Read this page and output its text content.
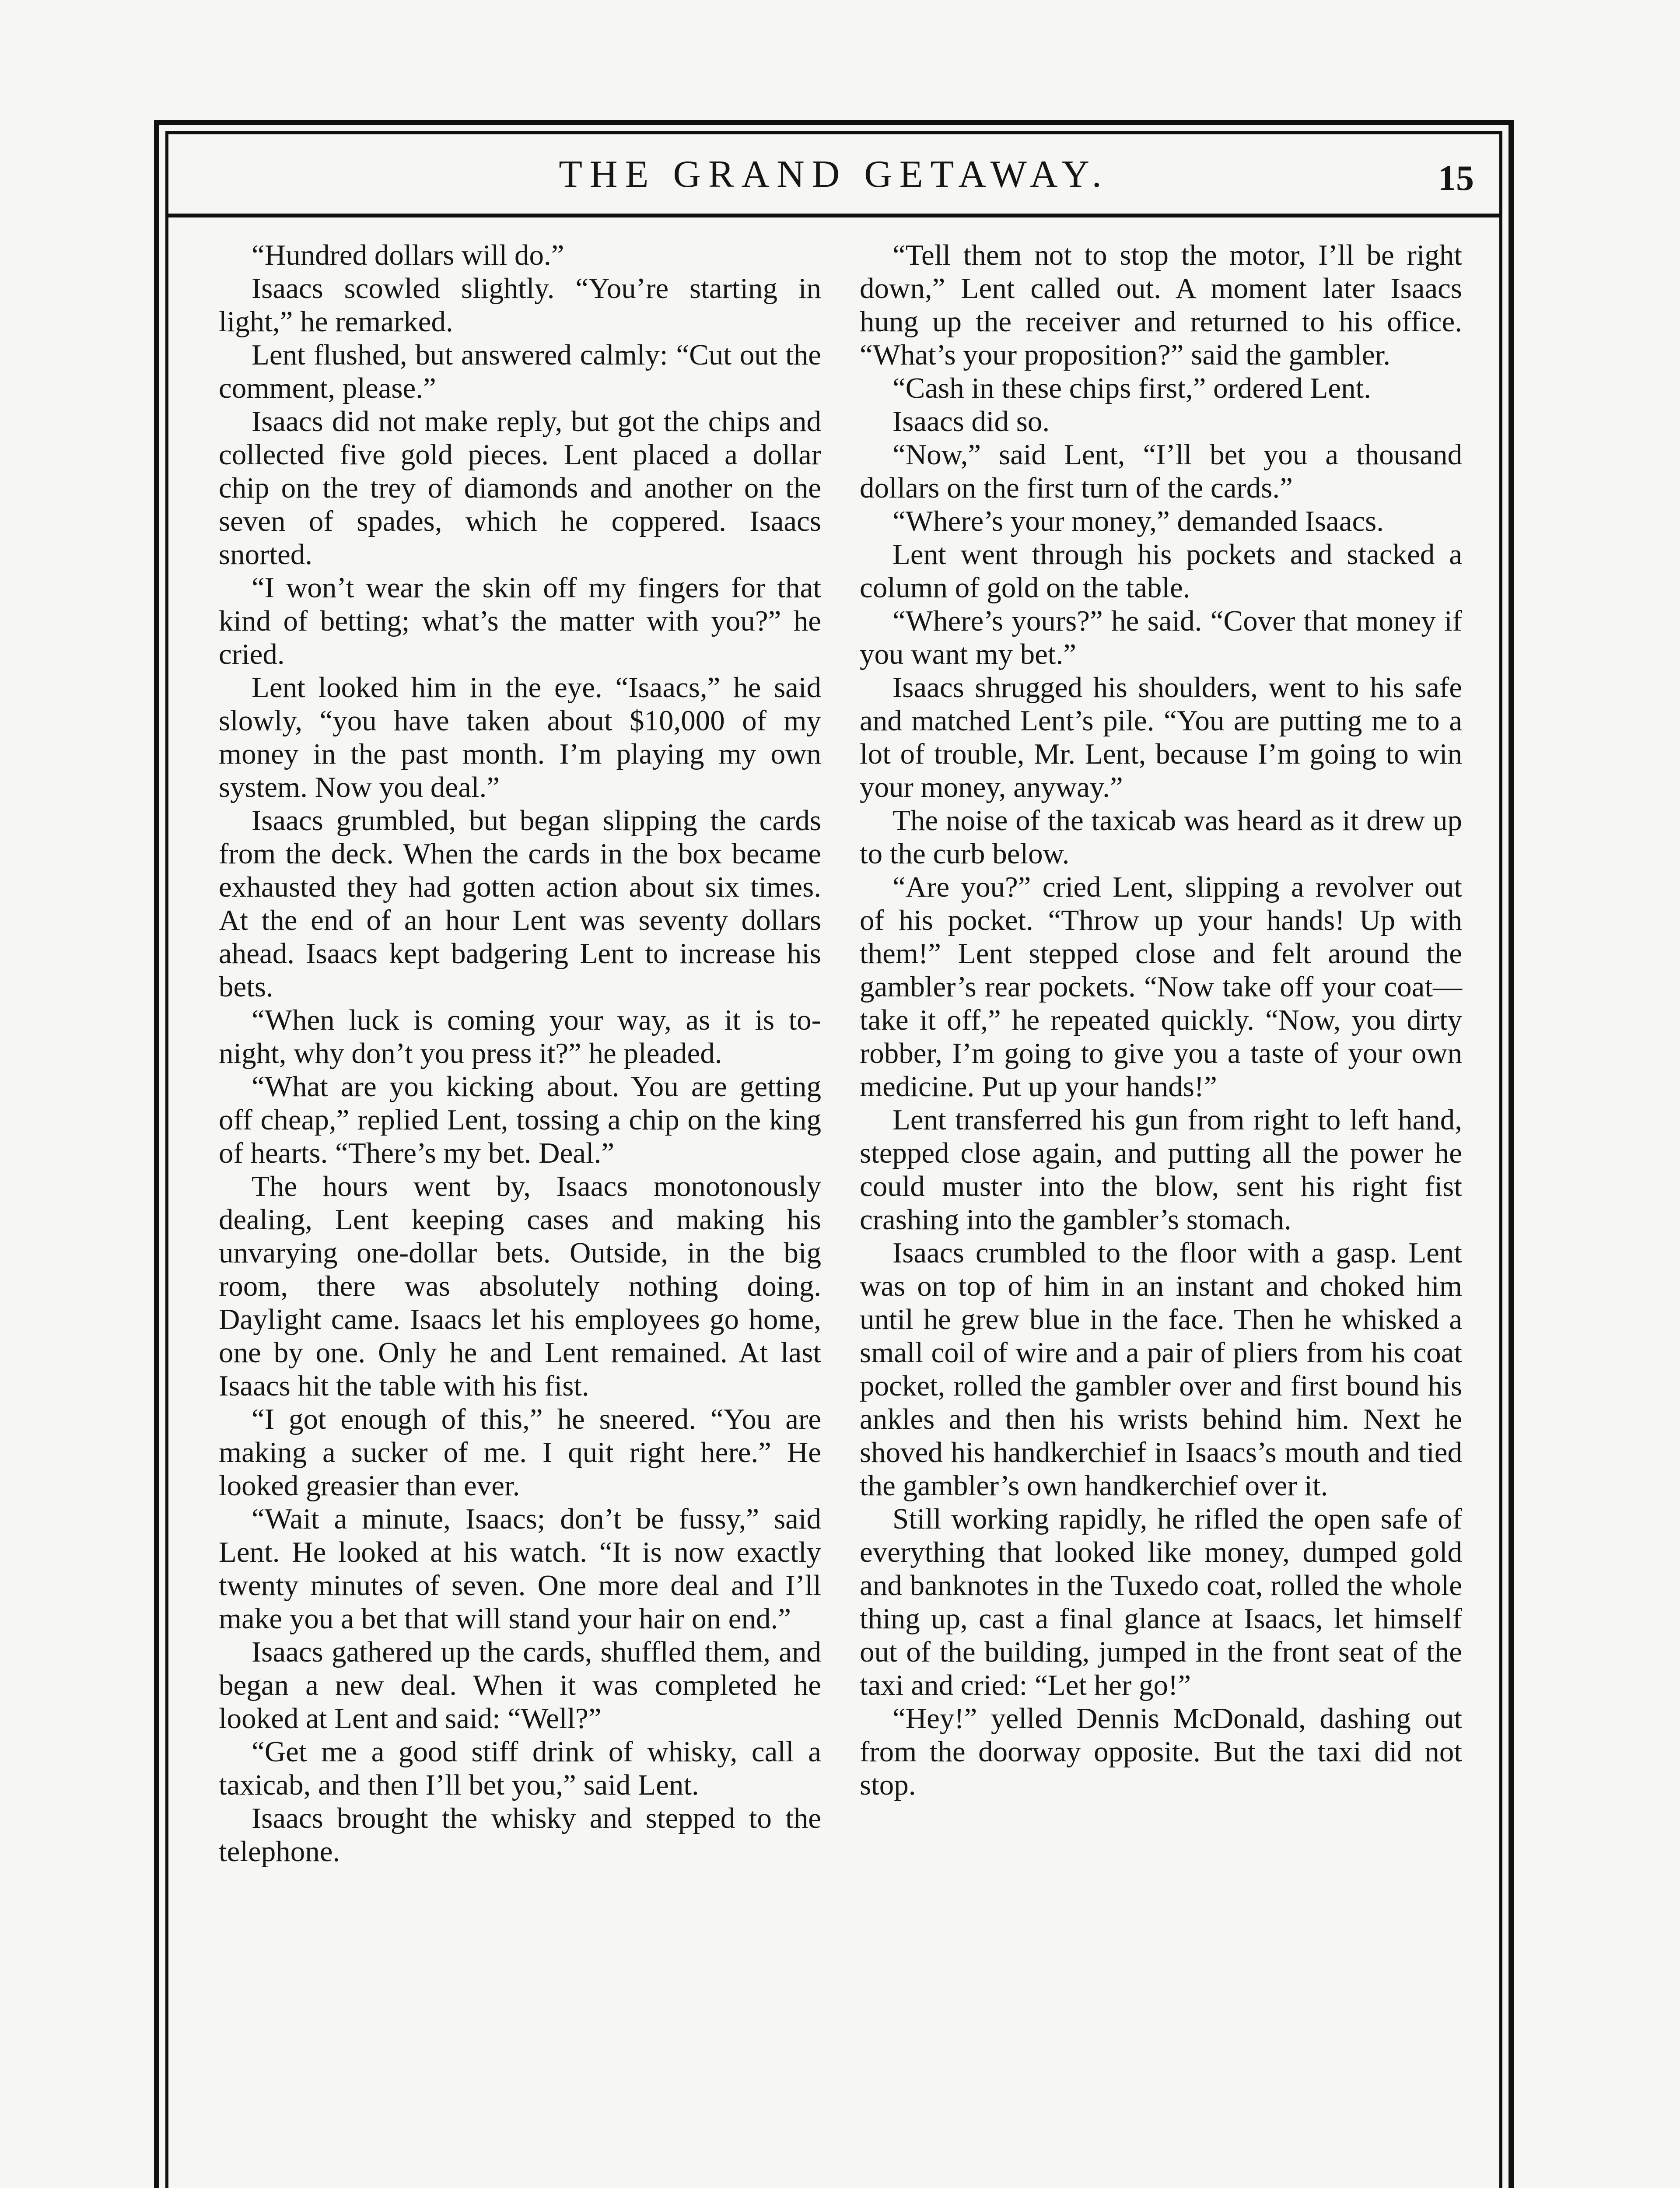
THE GRAND GETAWAY.	15

“Hundred dollars will do.”

Isaacs scowled slightly. “You’re starting in light,” he remarked.

Lent flushed, but answered calmly: “Cut out the comment, please.”

Isaacs did not make reply, but got the chips and collected five gold pieces. Lent placed a dollar chip on the trey of diamonds and another on the seven of spades, which he coppered. Isaacs snorted.

“I won’t wear the skin off my fingers for that kind of betting; what’s the matter with you?” he cried.

Lent looked him in the eye. “Isaacs,” he said slowly, “you have taken about $10,000 of my money in the past month. I’m playing my own system. Now you deal.”

Isaacs grumbled, but began slipping the cards from the deck. When the cards in the box became exhausted they had gotten action about six times. At the end of an hour Lent was seventy dollars ahead. Isaacs kept badgering Lent to increase his bets.

“When luck is coming your way, as it is to-night, why don’t you press it?” he pleaded.

“What are you kicking about. You are getting off cheap,” replied Lent, tossing a chip on the king of hearts. “There’s my bet. Deal.”

The hours went by, Isaacs monotonously dealing, Lent keeping cases and making his unvarying one-dollar bets. Outside, in the big room, there was absolutely nothing doing. Daylight came. Isaacs let his employees go home, one by one. Only he and Lent remained. At last Isaacs hit the table with his fist.

“I got enough of this,” he sneered. “You are making a sucker of me. I quit right here.” He looked greasier than ever.

“Wait a minute, Isaacs; don’t be fussy,” said Lent. He looked at his watch. “It is now exactly twenty minutes of seven. One more deal and I’ll make you a bet that will stand your hair on end.”

Isaacs gathered up the cards, shuffled them, and began a new deal. When it was completed he looked at Lent and said: “Well?”

“Get me a good stiff drink of whisky, call a taxicab, and then I’ll bet you,” said Lent.

Isaacs brought the whisky and stepped to the telephone.

“Tell them not to stop the motor, I’ll be right down,” Lent called out. A moment later Isaacs hung up the receiver and returned to his office. “What’s your proposition?” said the gambler.

“Cash in these chips first,” ordered Lent.

Isaacs did so.

“Now,” said Lent, “I’ll bet you a thousand dollars on the first turn of the cards.”

“Where’s your money,” demanded Isaacs.

Lent went through his pockets and stacked a column of gold on the table.

“Where’s yours?” he said. “Cover that money if you want my bet.”

Isaacs shrugged his shoulders, went to his safe and matched Lent’s pile. “You are putting me to a lot of trouble, Mr. Lent, because I’m going to win your money, anyway.”

The noise of the taxicab was heard as it drew up to the curb below.

“Are you?” cried Lent, slipping a revolver out of his pocket. “Throw up your hands! Up with them!” Lent stepped close and felt around the gambler’s rear pockets. “Now take off your coat—take it off,” he repeated quickly. “Now, you dirty robber, I’m going to give you a taste of your own medicine. Put up your hands!”

Lent transferred his gun from right to left hand, stepped close again, and putting all the power he could muster into the blow, sent his right fist crashing into the gambler’s stomach.

Isaacs crumbled to the floor with a gasp. Lent was on top of him in an instant and choked him until he grew blue in the face. Then he whisked a small coil of wire and a pair of pliers from his coat pocket, rolled the gambler over and first bound his ankles and then his wrists behind him. Next he shoved his handkerchief in Isaacs’s mouth and tied the gambler’s own handkerchief over it.

Still working rapidly, he rifled the open safe of everything that looked like money, dumped gold and banknotes in the Tuxedo coat, rolled the whole thing up, cast a final glance at Isaacs, let himself out of the building, jumped in the front seat of the taxi and cried: “Let her go!”

“Hey!” yelled Dennis McDonald, dashing out from the doorway opposite. But the taxi did not stop.
